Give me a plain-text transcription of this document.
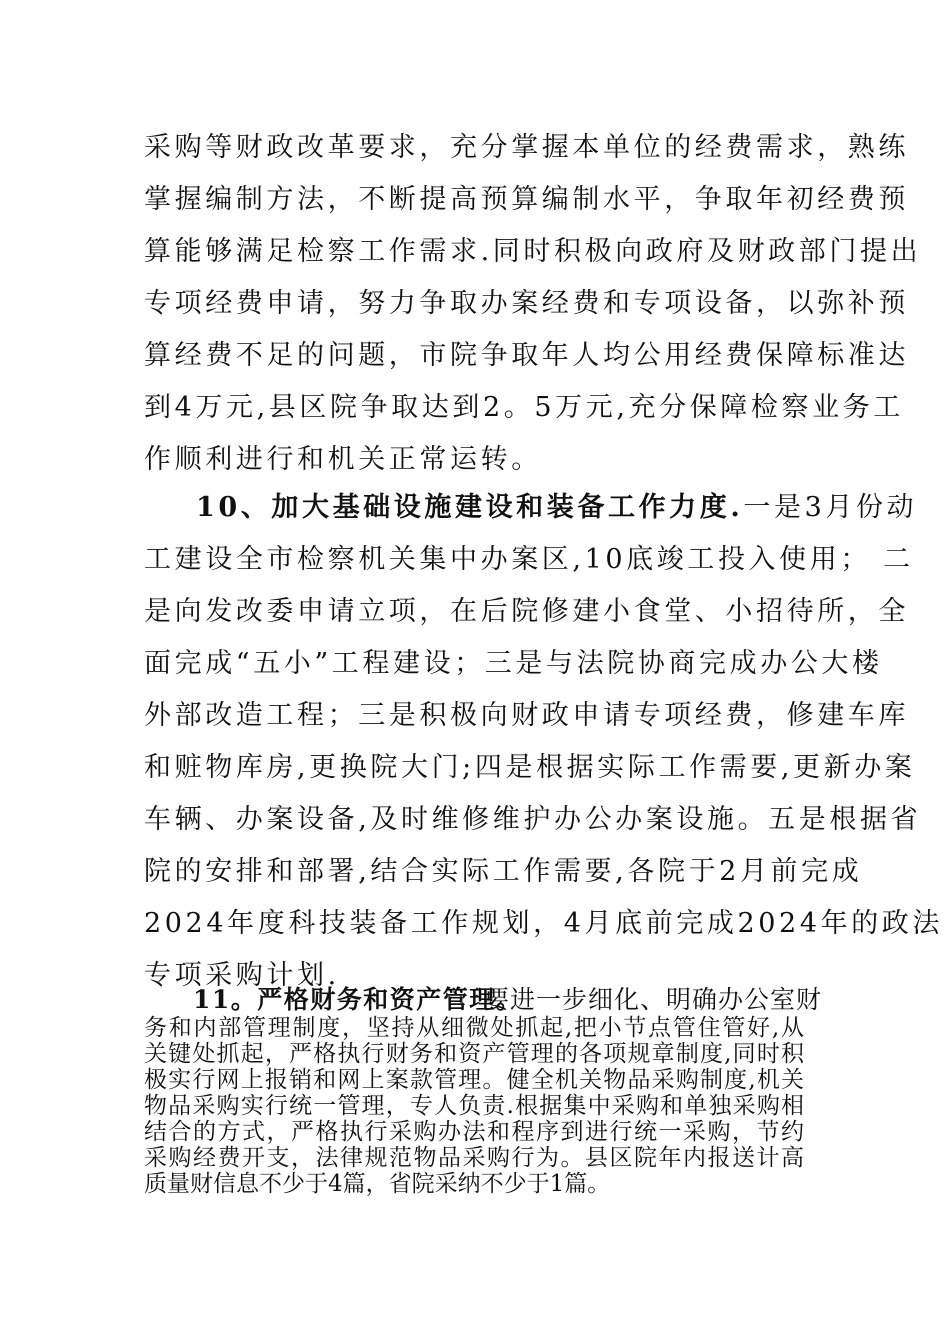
采购等财政改革要求，充分掌握本单位的经费需求，熟练
掌握编制方法，不断提高预算编制水平，争取年初经费预
算能够满足检察工作需求.同时积极向政府及财政部门提出
专项经费申请，努力争取办案经费和专项设备，以弥补预
算经费不足的问题，市院争取年人均公用经费保障标准达
到4万元,县区院争取达到2。5万元,充分保障检察业务工
作顺利进行和机关正常运转。
10、加大基础设施建设和装备工作力度.一是3月份动
工建设全市检察机关集中办案区,10底竣工投入使用； 二
是向发改委申请立项，在后院修建小食堂、小招待所，全
面完成“五小”工程建设；三是与法院协商完成办公大楼
外部改造工程；三是积极向财政申请专项经费，修建车库
和赃物库房,更换院大门;四是根据实际工作需要,更新办案
车辆、办案设备,及时维修维护办公办案设施。五是根据省
院的安排和部署,结合实际工作需要,各院于2月前完成
2024年度科技装备工作规划，4月底前完成2024年的政法
专项采购计划.
11。严格财务和资产管理。
要进一步细化、明确办公室财
务和内部管理制度，坚持从细微处抓起,把小节点管住管好,从
关键处抓起，严格执行财务和资产管理的各项规章制度,同时积
极实行网上报销和网上案款管理。健全机关物品采购制度,机关
物品采购实行统一管理，专人负责.根据集中采购和单独采购相
结合的方式，严格执行采购办法和程序到进行统一采购，节约
采购经费开支，法律规范物品采购行为。县区院年内报送计高
质量财信息不少于4篇，省院采纳不少于1篇。
